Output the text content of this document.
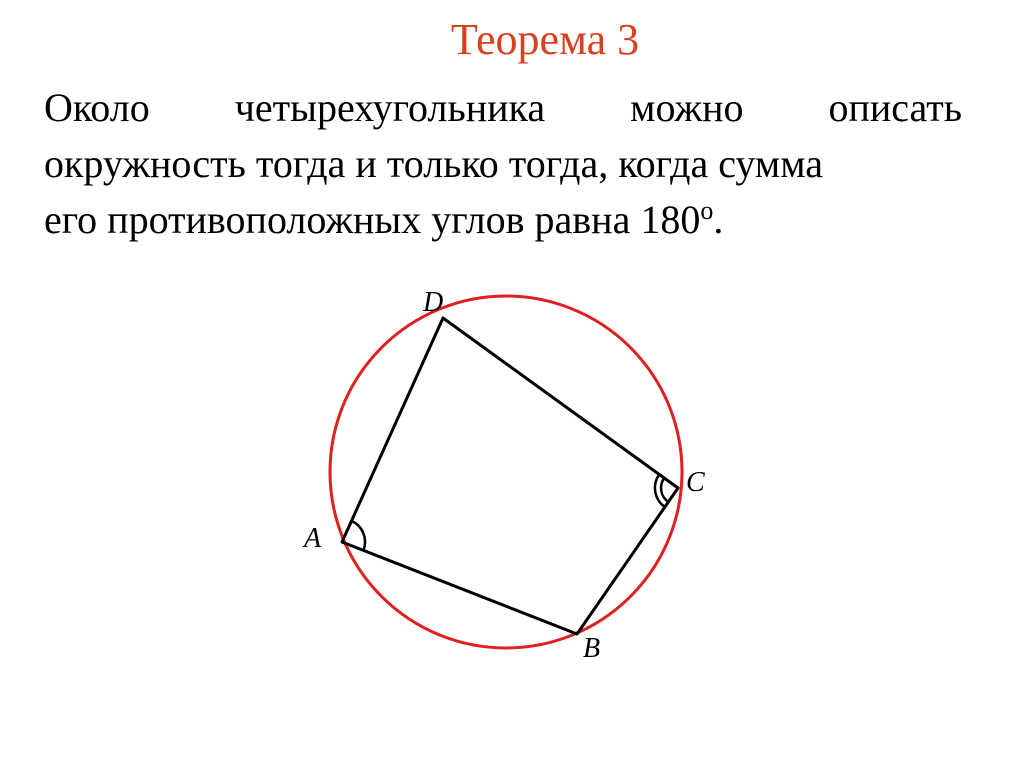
Теорема 3
Около четырехугольника можно описать
окружность тогда и только тогда, когда сумма
его противоположных углов равна $180^о$.
A
B
C
D
